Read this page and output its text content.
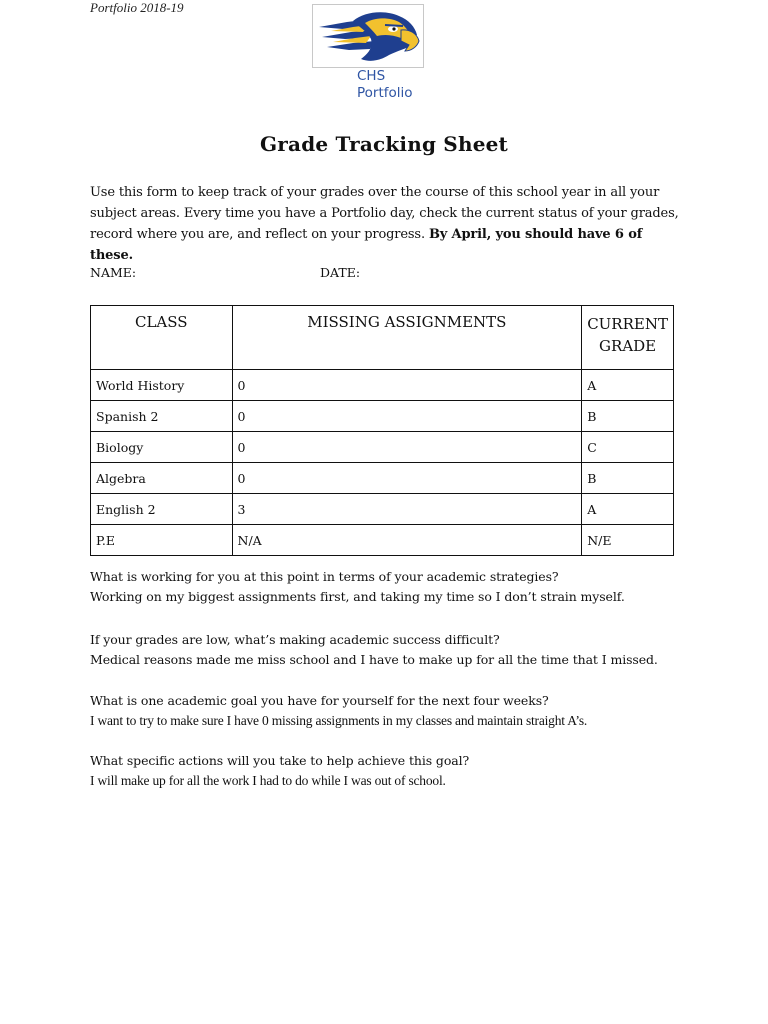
Portfolio 2018-19
CHS
Portfolio
Grade Tracking Sheet
Use this form to keep track of your grades over the course of this school year in all your subject areas. Every time you have a Portfolio day, check the current status of your grades, record where you are, and reflect on your progress. By April, you should have 6 of these.
NAME:	DATE:
CLASS	MISSING ASSIGNMENTS	CURRENT
GRADE
World History	0	A
Spanish 2	0	B
Biology	0	C
Algebra	0	B
English 2	3	A
P.E	N/A	N/E
What is working for you at this point in terms of your academic strategies?
Working on my biggest assignments first, and taking my time so I don’t strain myself.
If your grades are low, what’s making academic success difficult?
Medical reasons made me miss school and I have to make up for all the time that I missed.
What is one academic goal you have for yourself for the next four weeks?
I want to try to make sure I have 0 missing assignments in my classes and maintain straight A’s.
What specific actions will you take to help achieve this goal?
I will make up for all the work I had to do while I was out of school.
